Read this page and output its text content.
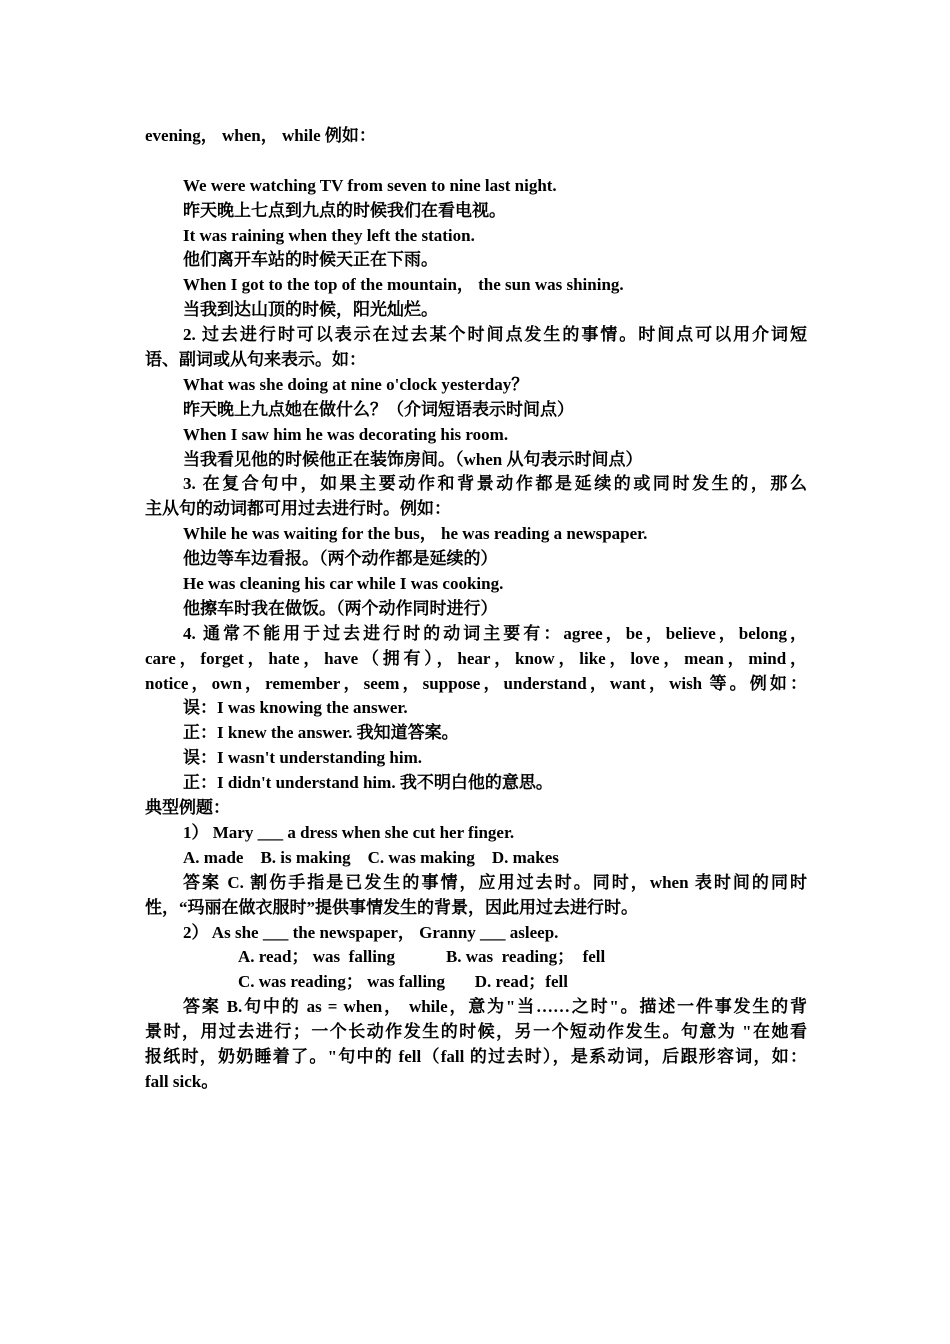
evening， when， while 例如：
We were watching TV from seven to nine last night.
昨天晚上七点到九点的时候我们在看电视。
It was raining when they left the station.
他们离开车站的时候天正在下雨。
When I got to the top of the mountain， the sun was shining.
当我到达山顶的时候，阳光灿烂。
2. 过去进行时可以表示在过去某个时间点发生的事情。时间点可以用介词短
语、副词或从句来表示。如：
What was she doing at nine o'clock yesterday？
昨天晚上九点她在做什么？（介词短语表示时间点）
When I saw him he was decorating his room.
当我看见他的时候他正在装饰房间。（when 从句表示时间点）
3. 在复合句中，如果主要动作和背景动作都是延续的或同时发生的，那么
主从句的动词都可用过去进行时。例如：
While he was waiting for the bus， he was reading a newspaper.
他边等车边看报。（两个动作都是延续的）
He was cleaning his car while I was cooking.
他擦车时我在做饭。（两个动作同时进行）
4. 通常不能用于过去进行时的动词主要有：agree，be，believe，belong，
care，forget，hate，have（拥有），hear，know，like，love，mean，mind，
notice，own，remember，seem，suppose，understand，want，wish 等。例如：
误：I was knowing the answer.
正：I knew the answer. 我知道答案。
误：I wasn't understanding him.
正：I didn't understand him. 我不明白他的意思。
典型例题：
1） Mary ___ a dress when she cut her finger.
A. made    B. is making    C. was making    D. makes
答案 C. 割伤手指是已发生的事情，应用过去时。同时，when 表时间的同时
性，“玛丽在做衣服时”提供事情发生的背景，因此用过去进行时。
2） As she ___ the newspaper， Granny ___ asleep.
A. read； was  falling            B. was  reading；  fell
C. was reading； was falling       D. read；fell
答案 B.句中的 as = when， while，意为"当……之时"。描述一件事发生的背
景时，用过去进行；一个长动作发生的时候，另一个短动作发生。句意为 "在她看
报纸时，奶奶睡着了。"句中的 fell（fall 的过去时），是系动词，后跟形容词，如：
fall sick。
